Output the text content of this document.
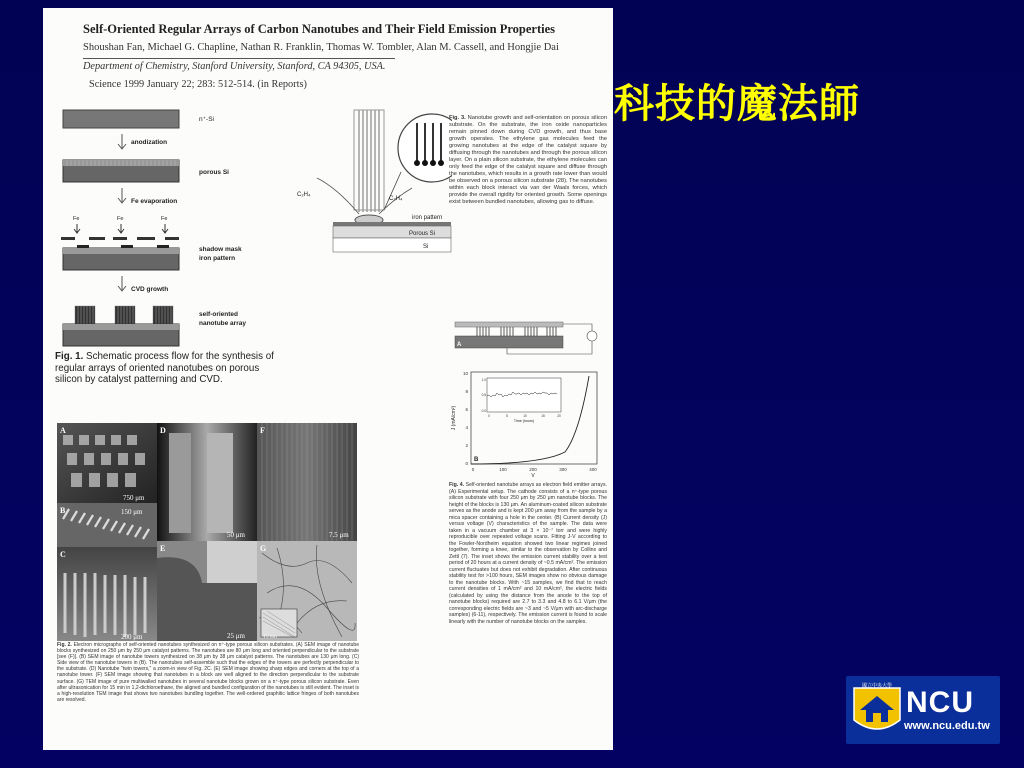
Self-Oriented Regular Arrays of Carbon Nanotubes and Their Field Emission Properties
Shoushan Fan, Michael G. Chapline, Nathan R. Franklin, Thomas W. Tombler, Alan M. Cassell, and Hongjie Dai
Department of Chemistry, Stanford University, Stanford, CA 94305, USA.
Science 1999 January 22; 283: 512-514. (in Reports)
n⁺-Si
anodization
porous Si
Fe evaporation
Fe	Fe	Fe
shadow mask
iron pattern
CVD growth
self-oriented
nanotube array
Fig. 1. Schematic process flow for the synthesis of regular arrays of oriented nanotubes on porous silicon by catalyst patterning and CVD.
C₂H₄
C₂H₄
iron pattern
Porous Si
Si
Fig. 3. Nanotube growth and self-orientation on porous silicon substrate. On the substrate, the iron oxide nanoparticles remain pinned down during CVD growth, and thus base growth operates. The ethylene gas molecules feed the growing nanotubes at the edge of the catalyst square by diffusing through the nanotubes and through the porous silicon layer. On a plain silicon substrate, the ethylene molecules can only feed the edge of the catalyst square and diffuse through the nanotubes, which results in a growth rate lower than would be observed on a porous silicon substrate (28). The nanotubes within each block interact via van der Waals forces, which provide the overall rigidity for oriented growth. Some openings exist between bundled nanotubes, allowing gas to diffuse.
A
10
8
6
4
2
0
0	100	200	300	400
V
J (mA/cm²)
1.0
0.5
0.0
0	5	10	15	20
Time (hours)
B
Fig. 4. Self-oriented nanotube arrays as electron field emitter arrays. (A) Experimental setup. The cathode consists of a n⁺-type porous silicon substrate with four 250 μm by 250 μm nanotube blocks. The height of the blocks is 130 μm. An aluminum-coated silicon substrate serves as the anode and is kept 200 μm away from the sample by a mica spacer containing a hole in the center. (B) Current density (J) versus voltage (V) characteristics of the sample. The data were taken in a vacuum chamber at 3 × 10⁻⁷ torr and were highly reproducible over repeated voltage scans. Fitting J-V according to the Fowler-Nordheim equation showed two linear regimes joined together, forming a knee, similar to the observation by Collins and Zettl (7). The inset shows the emission current stability over a test period of 20 hours at a current density of ~0.5 mA/cm². The emission current fluctuates but does not exhibit degradation. After continuous stability test for >100 hours, SEM images show no obvious damage to the nanotube blocks. With ~15 samples, we find that to reach current densities of 1 mA/cm² and 10 mA/cm², the electric fields (calculated by using the distance from the anode to the top of nanotube blocks) required are 2.7 to 3.3 and 4.8 to 6.1 V/μm (the corresponding electric fields are ~3 and ~5 V/μm with arc-discharge samples) (6-11), respectively. The emission current is found to scale linearly with the number of nanotube blocks on the samples.
A
750 μm
B	150 μm
C
200 μm
D
50 μm
E
25 μm
F
7.5 μm
G
15 nm
Fig. 2. Electron micrographs of self-oriented nanotubes synthesized on n⁺-type porous silicon substrates. (A) SEM image of nanotube blocks synthesized on 250 μm by 250 μm catalyst patterns. The nanotubes are 80 μm long and oriented perpendicular to the substrate [see (F)]. (B) SEM image of nanotube towers synthesized on 38 μm by 38 μm catalyst patterns. The nanotubes are 130 μm long. (C) Side view of the nanotube towers in (B). The nanotubes self-assemble such that the edges of the towers are perfectly perpendicular to the substrate. (D) Nanotube "twin towers," a zoom-in view of Fig. 2C. (E) SEM image showing sharp edges and corners at the top of a nanotube tower. (F) SEM image showing that nanotubes in a block are well aligned to the direction perpendicular to the substrate surface. (G) TEM image of pure multiwalled nanotubes in several nanotube blocks grown on a n⁺-type porous silicon substrate. Even after ultrasonication for 15 min in 1,2-dichloroethane, the aligned and bundled configuration of the nanotubes is still evident. The inset is a high-resolution TEM image that shows two nanotubes bundling together. The well-ordered graphitic lattice fringes of both nanotubes are resolved.
科技的魔法師
國立中央大學 NCU
www.ncu.edu.tw
